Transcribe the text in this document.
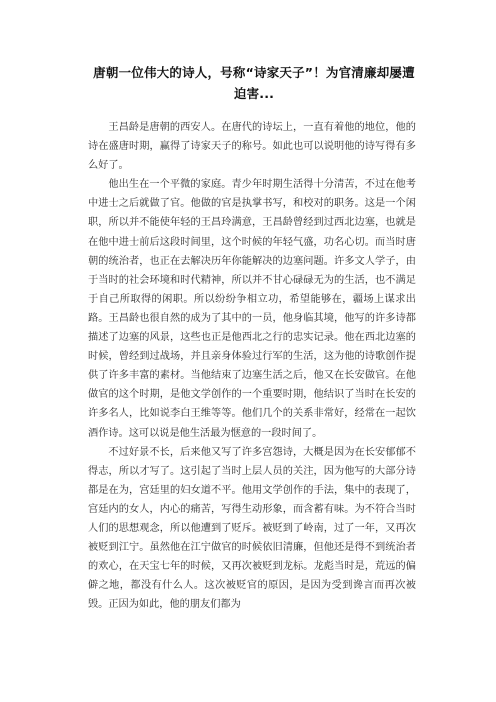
唐朝一位伟大的诗人，号称“诗家天子”！为官清廉却屡遭迫害...

王昌龄是唐朝的西安人。在唐代的诗坛上，一直有着他的地位，他的诗在盛唐时期，赢得了诗家天子的称号。如此也可以说明他的诗写得有多么好了。

他出生在一个平微的家庭。青少年时期生活得十分清苦，不过在他考中进士之后就做了官。他做的官是执掌书写，和校对的职务。这是一个闲职，所以并不能使年轻的王昌玲满意，王昌龄曾经到过西北边塞，也就是在他中进士前后这段时间里，这个时候的年轻气盛，功名心切。而当时唐朝的统治者，也正在去解决历年你能解决的边塞问题。许多文人学子，由于当时的社会环境和时代精神，所以并不甘心碌碌无为的生活，也不满足于自己所取得的闲职。所以纷纷争相立功，希望能够在，疆场上谋求出路。王昌龄也很自然的成为了其中的一员，他身临其境，他写的许多诗都描述了边塞的风景，这些也正是他西北之行的忠实记录。他在西北边塞的时候，曾经到过战场，并且亲身体验过行军的生活，这为他的诗歌创作提供了许多丰富的素材。当他结束了边塞生活之后，他又在长安做官。在他做官的这个时期，是他文学创作的一个重要时期，他结识了当时在长安的许多名人，比如说李白王维等等。他们几个的关系非常好，经常在一起饮酒作诗。这可以说是他生活最为惬意的一段时间了。

不过好景不长，后来他又写了许多宫怨诗，大概是因为在长安郁郁不得志，所以才写了。这引起了当时上层人员的关注，因为他写的大部分诗都是在为，宫廷里的妇女道不平。他用文学创作的手法，集中的表现了，宫廷内的女人，内心的痛苦，写得生动形象，而含蓄有味。为不符合当时人们的思想观念，所以他遭到了贬斥。被贬到了岭南，过了一年，又再次被贬到江宁。虽然他在江宁做官的时候依旧清廉，但他还是得不到统治者的欢心，在天宝七年的时候，又再次被贬到龙标。龙彪当时是，荒远的偏僻之地，都没有什么人。这次被贬官的原因，是因为受到谗言而再次被毁。正因为如此，他的朋友们都为
